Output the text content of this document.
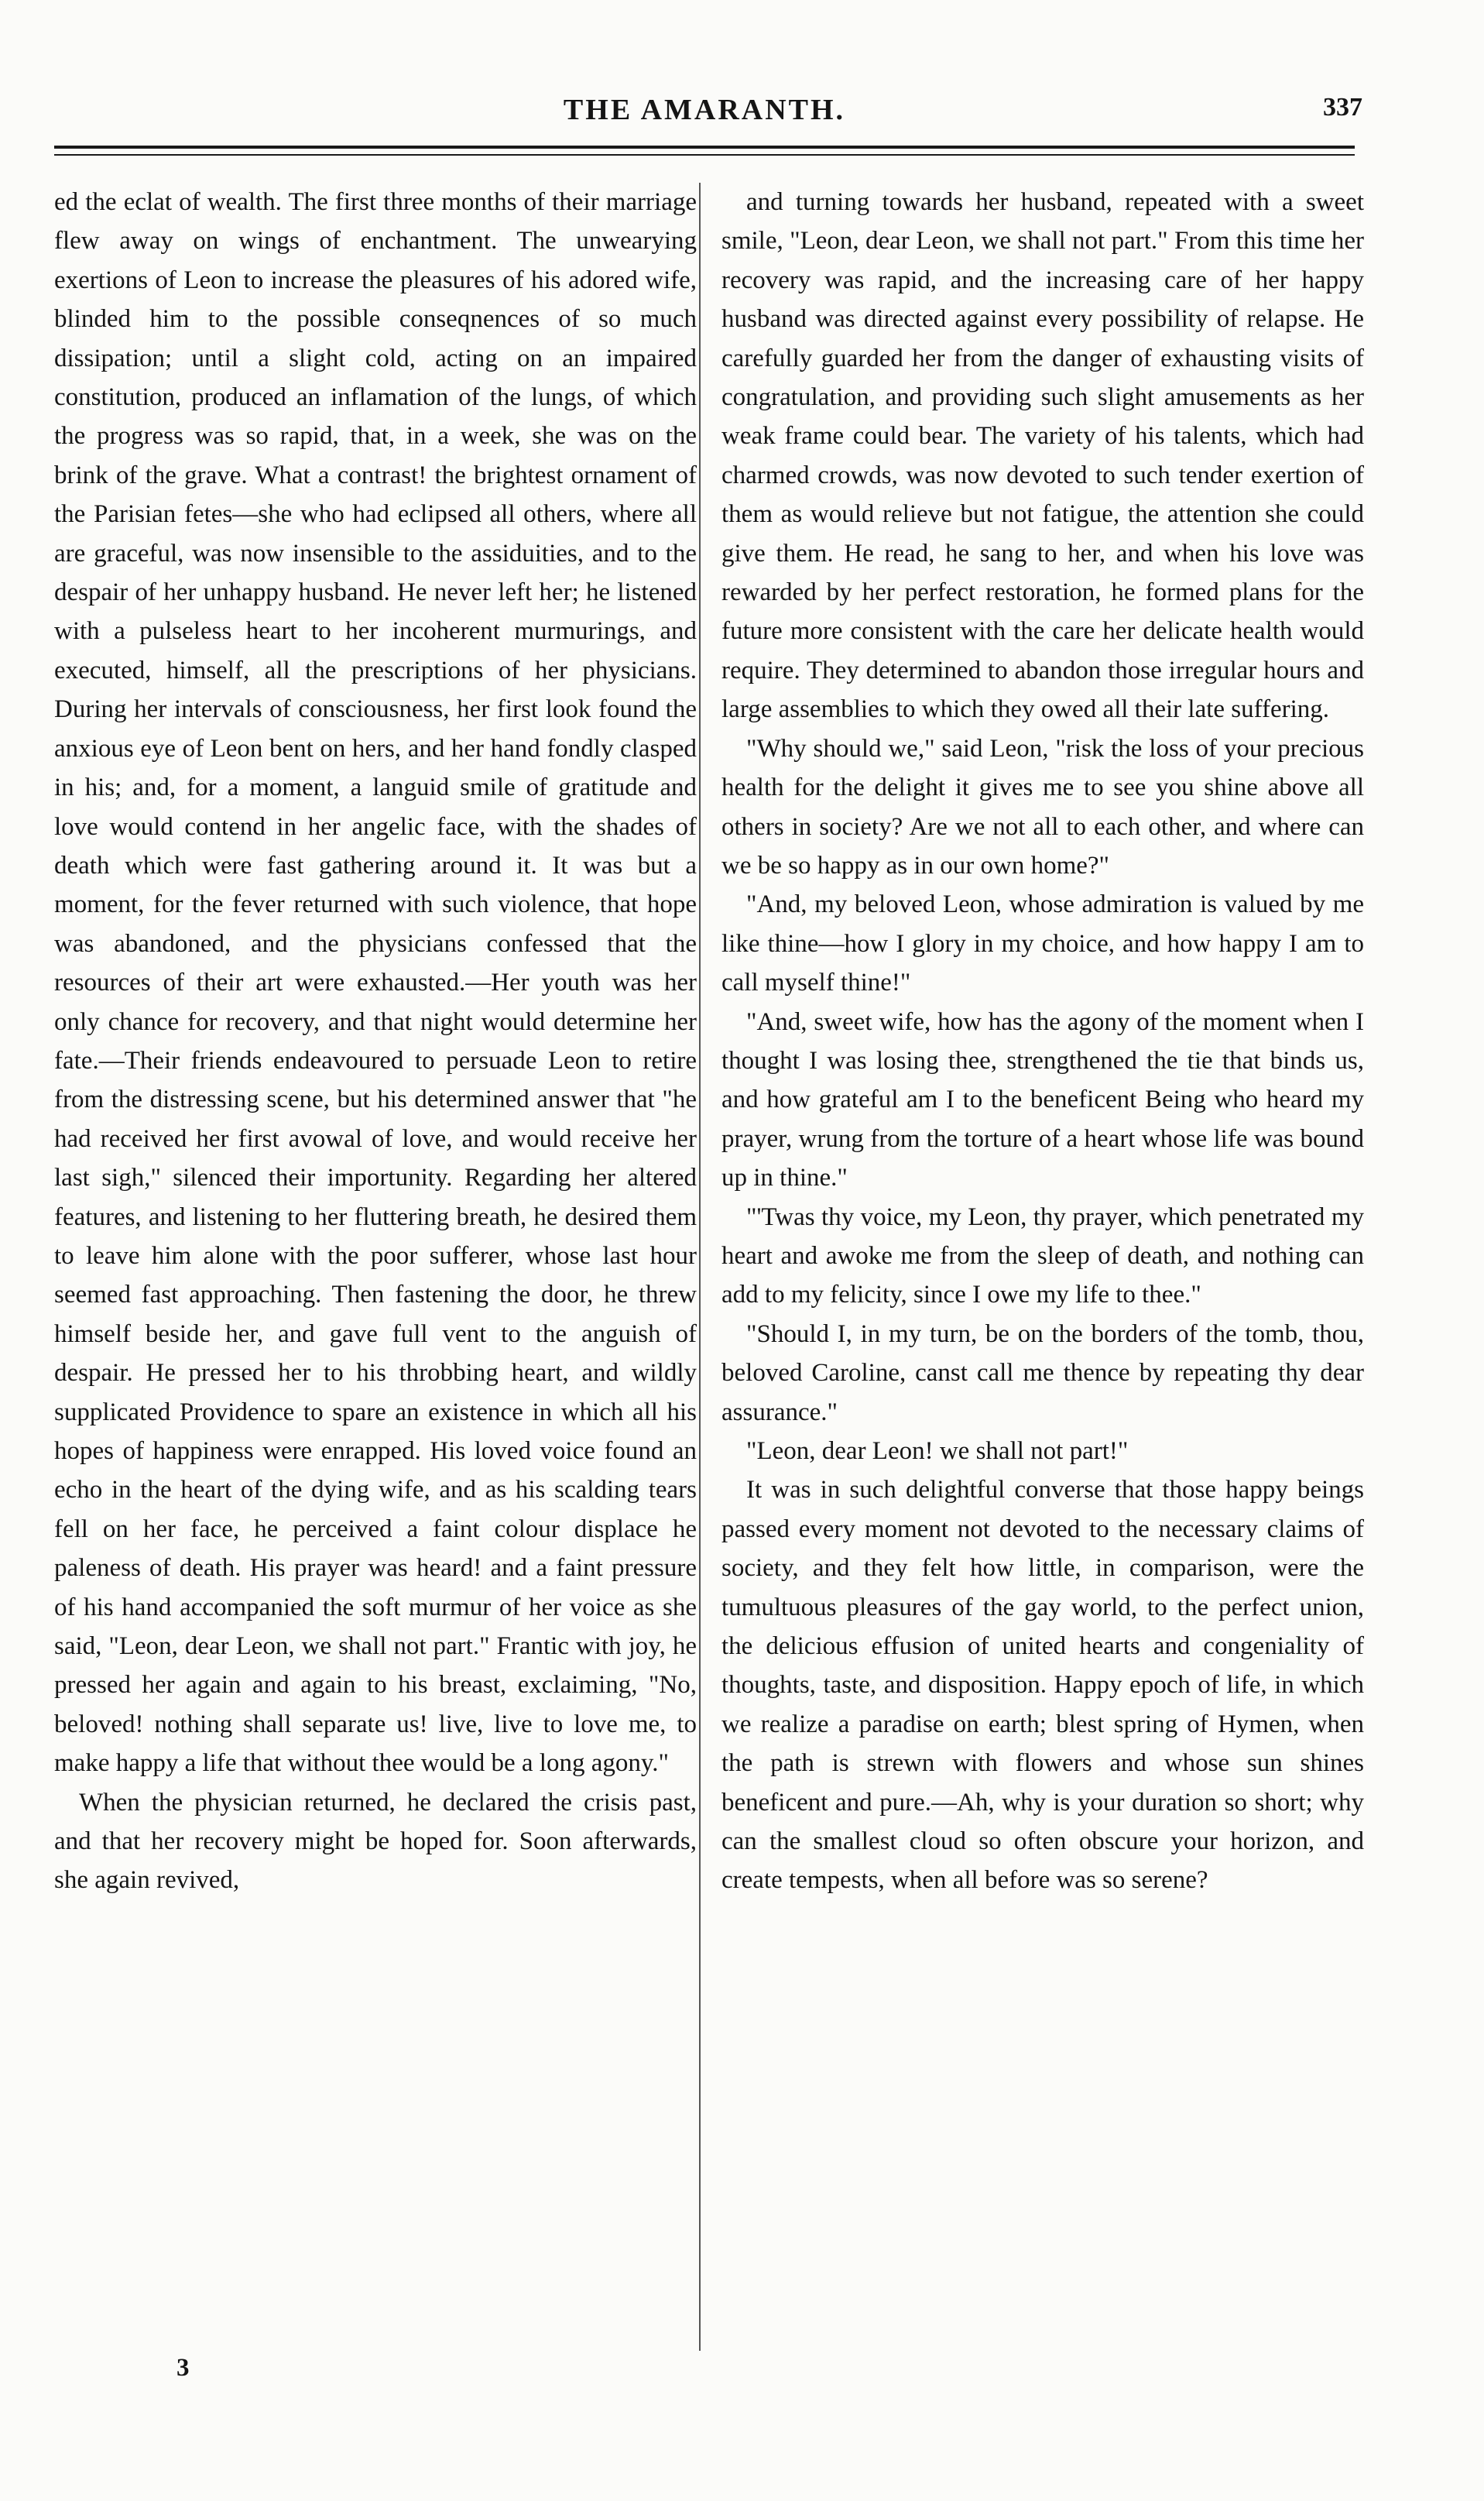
THE AMARANTH.	337

ed the eclat of wealth. The first three months of their marriage flew away on wings of enchantment. The unwearying exertions of Leon to increase the pleasures of his adored wife, blinded him to the possible conseqnences of so much dissipation; until a slight cold, acting on an impaired constitution, produced an inflamation of the lungs, of which the progress was so rapid, that, in a week, she was on the brink of the grave. What a contrast! the brightest ornament of the Parisian fetes—she who had eclipsed all others, where all are graceful, was now insensible to the assiduities, and to the despair of her unhappy husband. He never left her; he listened with a pulseless heart to her incoherent murmurings, and executed, himself, all the prescriptions of her physicians. During her intervals of consciousness, her first look found the anxious eye of Leon bent on hers, and her hand fondly clasped in his; and, for a moment, a languid smile of gratitude and love would contend in her angelic face, with the shades of death which were fast gathering around it. It was but a moment, for the fever returned with such violence, that hope was abandoned, and the physicians confessed that the resources of their art were exhausted.—Her youth was her only chance for recovery, and that night would determine her fate.—Their friends endeavoured to persuade Leon to retire from the distressing scene, but his determined answer that "he had received her first avowal of love, and would receive her last sigh," silenced their importunity. Regarding her altered features, and listening to her fluttering breath, he desired them to leave him alone with the poor sufferer, whose last hour seemed fast approaching. Then fastening the door, he threw himself beside her, and gave full vent to the anguish of despair. He pressed her to his throbbing heart, and wildly supplicated Providence to spare an existence in which all his hopes of happiness were enrapped. His loved voice found an echo in the heart of the dying wife, and as his scalding tears fell on her face, he perceived a faint colour displace he paleness of death. His prayer was heard! and a faint pressure of his hand accompanied the soft murmur of her voice as she said, "Leon, dear Leon, we shall not part." Frantic with joy, he pressed her again and again to his breast, exclaiming, "No, beloved! nothing shall separate us! live, live to love me, to make happy a life that without thee would be a long agony."

When the physician returned, he declared the crisis past, and that her recovery might be hoped for. Soon afterwards, she again revived,

and turning towards her husband, repeated with a sweet smile, "Leon, dear Leon, we shall not part." From this time her recovery was rapid, and the increasing care of her happy husband was directed against every possibility of relapse. He carefully guarded her from the danger of exhausting visits of congratulation, and providing such slight amusements as her weak frame could bear. The variety of his talents, which had charmed crowds, was now devoted to such tender exertion of them as would relieve but not fatigue, the attention she could give them. He read, he sang to her, and when his love was rewarded by her perfect restoration, he formed plans for the future more consistent with the care her delicate health would require. They determined to abandon those irregular hours and large assemblies to which they owed all their late suffering.

"Why should we," said Leon, "risk the loss of your precious health for the delight it gives me to see you shine above all others in society? Are we not all to each other, and where can we be so happy as in our own home?"

"And, my beloved Leon, whose admiration is valued by me like thine—how I glory in my choice, and how happy I am to call myself thine!"

"And, sweet wife, how has the agony of the moment when I thought I was losing thee, strengthened the tie that binds us, and how grateful am I to the beneficent Being who heard my prayer, wrung from the torture of a heart whose life was bound up in thine."

"'Twas thy voice, my Leon, thy prayer, which penetrated my heart and awoke me from the sleep of death, and nothing can add to my felicity, since I owe my life to thee."

"Should I, in my turn, be on the borders of the tomb, thou, beloved Caroline, canst call me thence by repeating thy dear assurance."

"Leon, dear Leon! we shall not part!"

It was in such delightful converse that those happy beings passed every moment not devoted to the necessary claims of society, and they felt how little, in comparison, were the tumultuous pleasures of the gay world, to the perfect union, the delicious effusion of united hearts and congeniality of thoughts, taste, and disposition. Happy epoch of life, in which we realize a paradise on earth; blest spring of Hymen, when the path is strewn with flowers and whose sun shines beneficent and pure.—Ah, why is your duration so short; why can the smallest cloud so often obscure your horizon, and create tempests, when all before was so serene?

3
